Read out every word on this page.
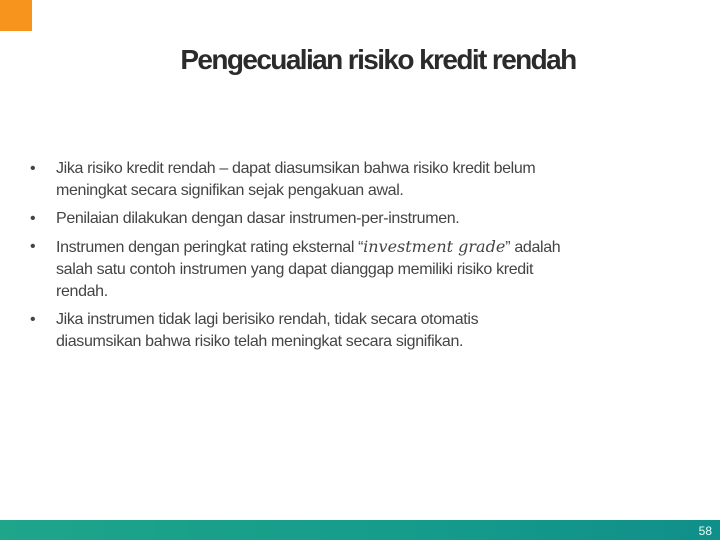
Pengecualian risiko kredit rendah
• Jika risiko kredit rendah – dapat diasumsikan bahwa risiko kredit belum
meningkat secara signifikan sejak pengakuan awal.
• Penilaian dilakukan dengan dasar instrumen-per-instrumen.
• Instrumen dengan peringkat rating eksternal “investment grade” adalah
salah satu contoh instrumen yang dapat dianggap memiliki risiko kredit
rendah.
• Jika instrumen tidak lagi berisiko rendah, tidak secara otomatis
diasumsikan bahwa risiko telah meningkat secara signifikan.
58
